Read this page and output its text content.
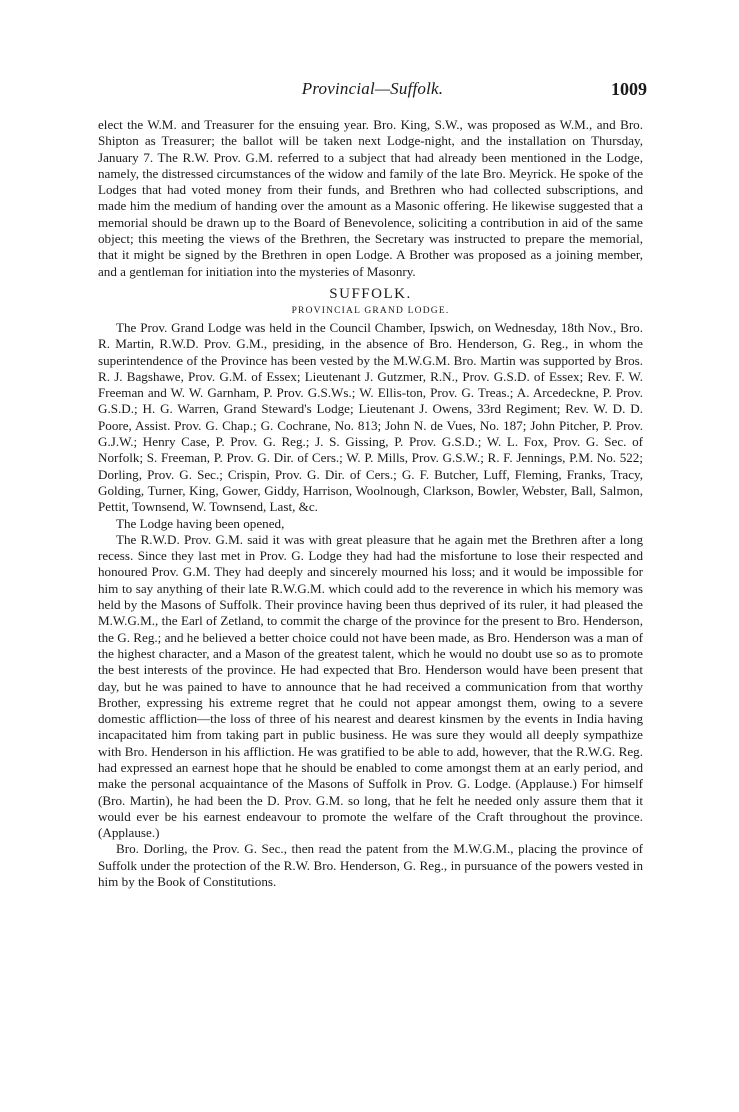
Provincial—Suffolk.	1009

elect the W.M. and Treasurer for the ensuing year. Bro. King, S.W., was proposed as W.M., and Bro. Shipton as Treasurer; the ballot will be taken next Lodge-night, and the installation on Thursday, January 7. The R.W. Prov. G.M. referred to a subject that had already been mentioned in the Lodge, namely, the distressed circumstances of the widow and family of the late Bro. Meyrick. He spoke of the Lodges that had voted money from their funds, and Brethren who had collected subscriptions, and made him the medium of handing over the amount as a Masonic offering. He likewise suggested that a memorial should be drawn up to the Board of Benevolence, soliciting a contribution in aid of the same object; this meeting the views of the Brethren, the Secretary was instructed to prepare the memorial, that it might be signed by the Brethren in open Lodge. A Brother was proposed as a joining member, and a gentleman for initiation into the mysteries of Masonry.

SUFFOLK.

PROVINCIAL GRAND LODGE.

The Prov. Grand Lodge was held in the Council Chamber, Ipswich, on Wednesday, 18th Nov., Bro. R. Martin, R.W.D. Prov. G.M., presiding, in the absence of Bro. Henderson, G. Reg., in whom the superintendence of the Province has been vested by the M.W.G.M. Bro. Martin was supported by Bros. R. J. Bagshawe, Prov. G.M. of Essex; Lieutenant J. Gutzmer, R.N., Prov. G.S.D. of Essex; Rev. F. W. Freeman and W. W. Garnham, P. Prov. G.S.Ws.; W. Ellis-ton, Prov. G. Treas.; A. Arcedeckne, P. Prov. G.S.D.; H. G. Warren, Grand Steward's Lodge; Lieutenant J. Owens, 33rd Regiment; Rev. W. D. D. Poore, Assist. Prov. G. Chap.; G. Cochrane, No. 813; John N. de Vues, No. 187; John Pitcher, P. Prov. G.J.W.; Henry Case, P. Prov. G. Reg.; J. S. Gissing, P. Prov. G.S.D.; W. L. Fox, Prov. G. Sec. of Norfolk; S. Freeman, P. Prov. G. Dir. of Cers.; W. P. Mills, Prov. G.S.W.; R. F. Jennings, P.M. No. 522; Dorling, Prov. G. Sec.; Crispin, Prov. G. Dir. of Cers.; G. F. Butcher, Luff, Fleming, Franks, Tracy, Golding, Turner, King, Gower, Giddy, Harrison, Woolnough, Clarkson, Bowler, Webster, Ball, Salmon, Pettit, Townsend, W. Townsend, Last, &c.

The Lodge having been opened,

The R.W.D. Prov. G.M. said it was with great pleasure that he again met the Brethren after a long recess. Since they last met in Prov. G. Lodge they had had the misfortune to lose their respected and honoured Prov. G.M. They had deeply and sincerely mourned his loss; and it would be impossible for him to say anything of their late R.W.G.M. which could add to the reverence in which his memory was held by the Masons of Suffolk. Their province having been thus deprived of its ruler, it had pleased the M.W.G.M., the Earl of Zetland, to commit the charge of the province for the present to Bro. Henderson, the G. Reg.; and he believed a better choice could not have been made, as Bro. Henderson was a man of the highest character, and a Mason of the greatest talent, which he would no doubt use so as to promote the best interests of the province. He had expected that Bro. Henderson would have been present that day, but he was pained to have to announce that he had received a communication from that worthy Brother, expressing his extreme regret that he could not appear amongst them, owing to a severe domestic affliction—the loss of three of his nearest and dearest kinsmen by the events in India having incapacitated him from taking part in public business. He was sure they would all deeply sympathize with Bro. Henderson in his affliction. He was gratified to be able to add, however, that the R.W.G. Reg. had expressed an earnest hope that he should be enabled to come amongst them at an early period, and make the personal acquaintance of the Masons of Suffolk in Prov. G. Lodge. (Applause.) For himself (Bro. Martin), he had been the D. Prov. G.M. so long, that he felt he needed only assure them that it would ever be his earnest endeavour to promote the welfare of the Craft throughout the province. (Applause.)

Bro. Dorling, the Prov. G. Sec., then read the patent from the M.W.G.M., placing the province of Suffolk under the protection of the R.W. Bro. Henderson, G. Reg., in pursuance of the powers vested in him by the Book of Constitutions.
